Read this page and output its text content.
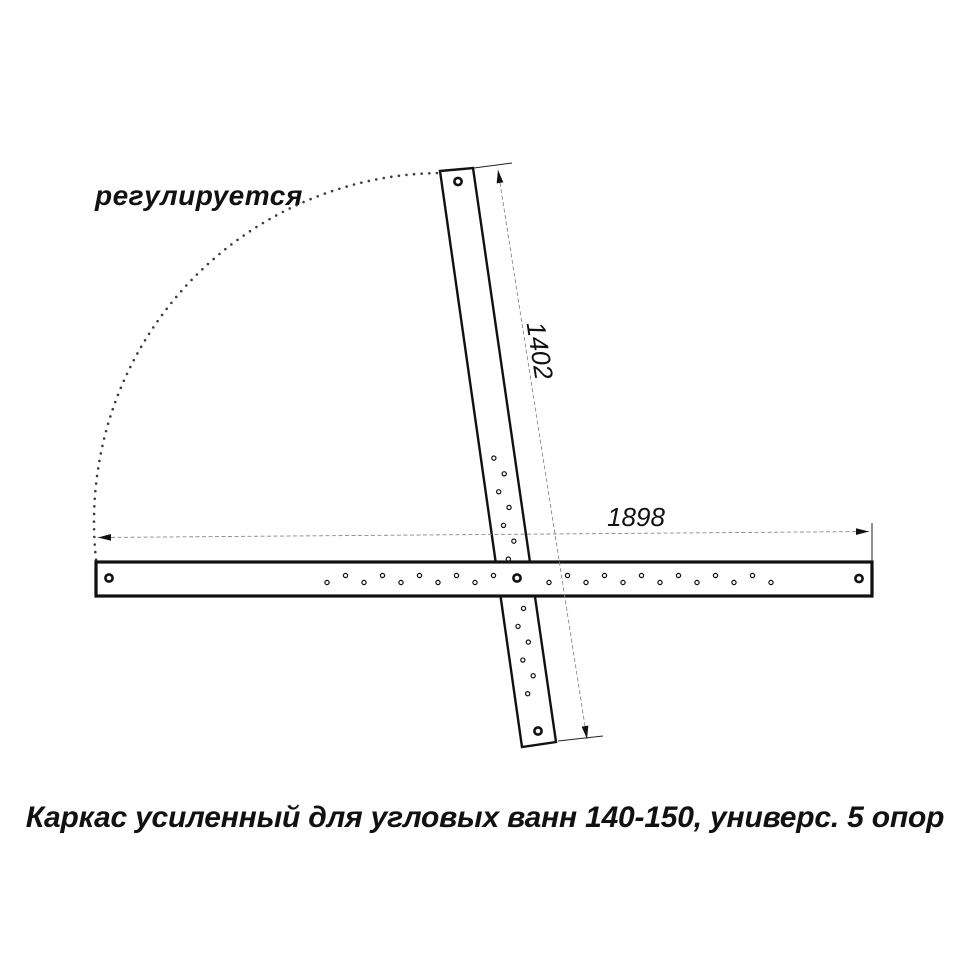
регулируется
1898
1402
Каркас усиленный для угловых ванн 140-150, универс. 5 опор
